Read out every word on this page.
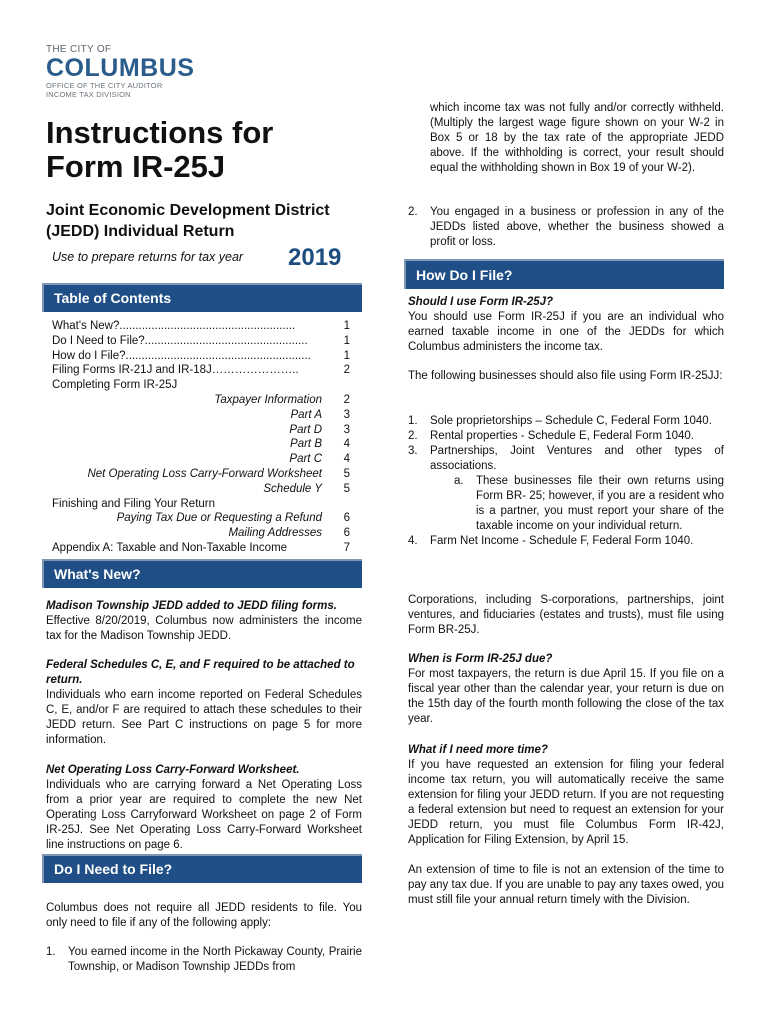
THE CITY OF
COLUMBUS
OFFICE OF THE CITY AUDITOR
INCOME TAX DIVISION
Instructions for
Form IR-25J
Joint Economic Development District
(JEDD) Individual Return
Use to prepare returns for tax year 2019
Table of Contents
What's New?.......................................................	1
Do I Need to File?...................................................	1
How do I File?..........................................................	1
Filing Forms IR-21J and IR-18J…………………..	2
Completing Form IR-25J
Taxpayer Information	2
Part A	3
Part D	3
Part B	4
Part C	4
Net Operating Loss Carry-Forward Worksheet	5
Schedule Y	5
Finishing and Filing Your Return
Paying Tax Due or Requesting a Refund	6
Mailing Addresses	6
Appendix A: Taxable and Non-Taxable Income	7
What's New?
Madison Township JEDD added to JEDD filing forms.
Effective 8/20/2019, Columbus now administers the income tax for the Madison Township JEDD.
Federal Schedules C, E, and F required to be attached to return.
Individuals who earn income reported on Federal Schedules C, E, and/or F are required to attach these schedules to their JEDD return. See Part C instructions on page 5 for more information.
Net Operating Loss Carry-Forward Worksheet.
Individuals who are carrying forward a Net Operating Loss from a prior year are required to complete the new Net Operating Loss Carryforward Worksheet on page 2 of Form IR-25J. See Net Operating Loss Carry-Forward Worksheet line instructions on page 6.
Do I Need to File?
Columbus does not require all JEDD residents to file. You only need to file if any of the following apply:
1. You earned income in the North Pickaway County, Prairie Township, or Madison Township JEDDs from
which income tax was not fully and/or correctly withheld. (Multiply the largest wage figure shown on your W-2 in Box 5 or 18 by the tax rate of the appropriate JEDD above. If the withholding is correct, your result should equal the withholding shown in Box 19 of your W-2).
2. You engaged in a business or profession in any of the JEDDs listed above, whether the business showed a profit or loss.
How Do I File?
Should I use Form IR-25J?
You should use Form IR-25J if you are an individual who earned taxable income in one of the JEDDs for which Columbus administers the income tax.
The following businesses should also file using Form IR-25JJ:
1. Sole proprietorships – Schedule C, Federal Form 1040.
2. Rental properties - Schedule E, Federal Form 1040.
3. Partnerships, Joint Ventures and other types of associations.
a. These businesses file their own returns using Form BR- 25; however, if you are a resident who is a partner, you must report your share of the taxable income on your individual return.
4. Farm Net Income - Schedule F, Federal Form 1040.
Corporations, including S-corporations, partnerships, joint ventures, and fiduciaries (estates and trusts), must file using Form BR-25J.
When is Form IR-25J due?
For most taxpayers, the return is due April 15. If you file on a fiscal year other than the calendar year, your return is due on the 15th day of the fourth month following the close of the tax year.
What if I need more time?
If you have requested an extension for filing your federal income tax return, you will automatically receive the same extension for filing your JEDD return. If you are not requesting a federal extension but need to request an extension for your JEDD return, you must file Columbus Form IR-42J, Application for Filing Extension, by April 15.
An extension of time to file is not an extension of the time to pay any tax due. If you are unable to pay any taxes owed, you must still file your annual return timely with the Division.
